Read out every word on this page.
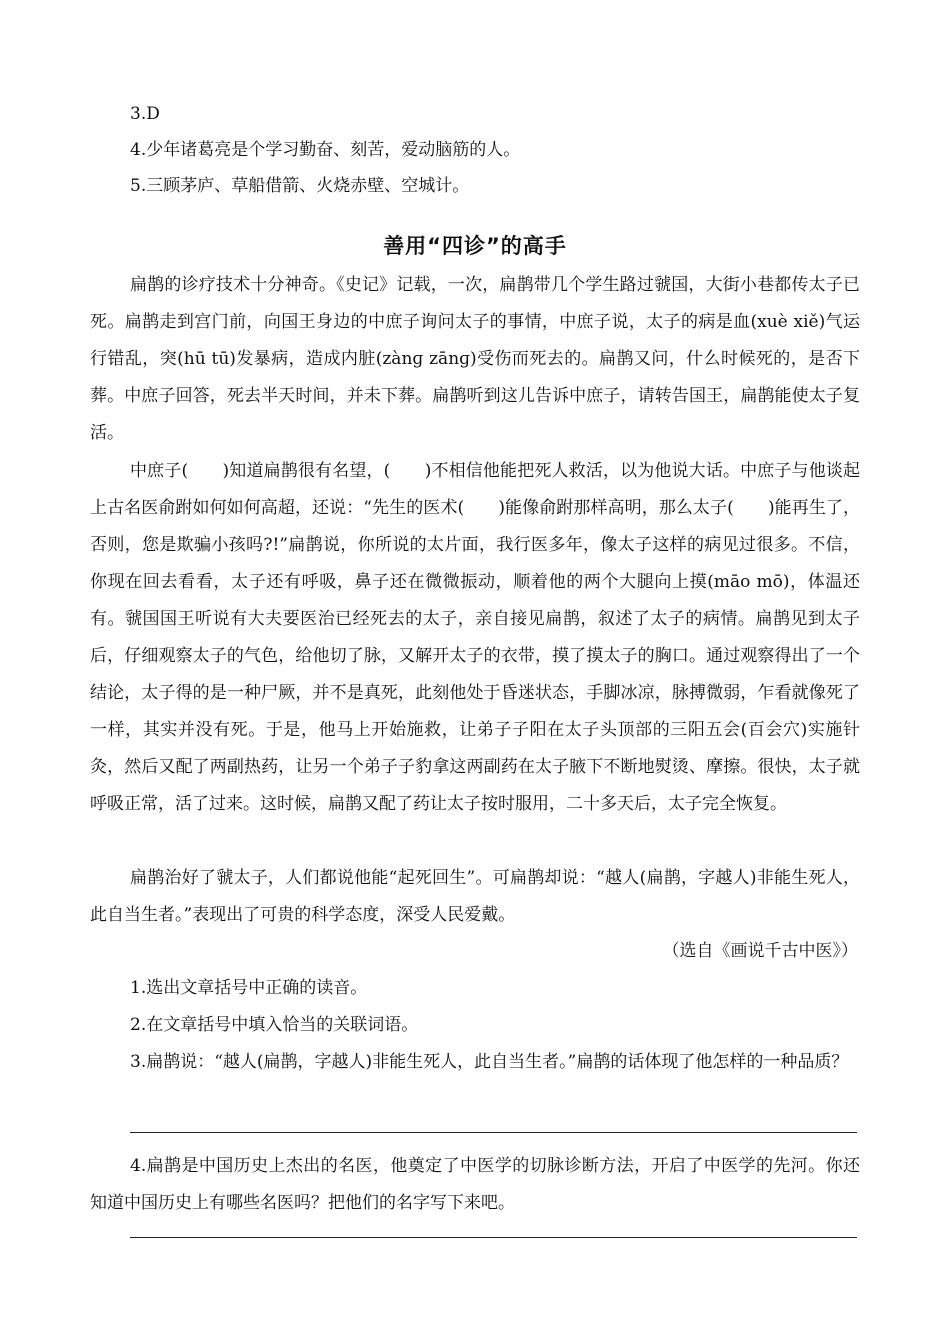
3.D
4.少年诸葛亮是个学习勤奋、刻苦，爱动脑筋的人。
5.三顾茅庐、草船借箭、火烧赤壁、空城计。
善用“四诊”的高手

扁鹊的诊疗技术十分神奇。《史记》记载，一次，扁鹊带几个学生路过虢国，大街小巷都传太子已死。扁鹊走到宫门前，向国王身边的中庶子询问太子的事情，中庶子说，太子的病是血(xuè xiě)气运行错乱，突(hū tū)发暴病，造成内脏(zànɡ zānɡ)受伤而死去的。扁鹊又问，什么时候死的，是否下葬。中庶子回答，死去半天时间，并未下葬。扁鹊听到这儿告诉中庶子，请转告国王，扁鹊能使太子复活。

中庶子(　　)知道扁鹊很有名望，(　　)不相信他能把死人救活，以为他说大话。中庶子与他谈起上古名医俞跗如何如何高超，还说：“先生的医术(　　)能像俞跗那样高明，那么太子(　　)能再生了，否则，您是欺骗小孩吗?!”扁鹊说，你所说的太片面，我行医多年，像太子这样的病见过很多。不信，你现在回去看看，太子还有呼吸，鼻子还在微微振动，顺着他的两个大腿向上摸(māo mō)，体温还有。虢国国王听说有大夫要医治已经死去的太子，亲自接见扁鹊，叙述了太子的病情。扁鹊见到太子后，仔细观察太子的气色，给他切了脉，又解开太子的衣带，摸了摸太子的胸口。通过观察得出了一个结论，太子得的是一种尸厥，并不是真死，此刻他处于昏迷状态，手脚冰凉，脉搏微弱，乍看就像死了一样，其实并没有死。于是，他马上开始施救，让弟子子阳在太子头顶部的三阳五会(百会穴)实施针灸，然后又配了两副热药，让另一个弟子子豹拿这两副药在太子腋下不断地熨烫、摩擦。很快，太子就呼吸正常，活了过来。这时候，扁鹊又配了药让太子按时服用，二十多天后，太子完全恢复。

扁鹊治好了虢太子，人们都说他能“起死回生”。可扁鹊却说：“越人(扁鹊，字越人)非能生死人，此自当生者。”表现出了可贵的科学态度，深受人民爱戴。

（选自《画说千古中医》）

1.选出文章括号中正确的读音。

2.在文章括号中填入恰当的关联词语。

3.扁鹊说：“越人(扁鹊，字越人)非能生死人，此自当生者。”扁鹊的话体现了他怎样的一种品质？

4.扁鹊是中国历史上杰出的名医，他奠定了中医学的切脉诊断方法，开启了中医学的先河。你还知道中国历史上有哪些名医吗？把他们的名字写下来吧。
